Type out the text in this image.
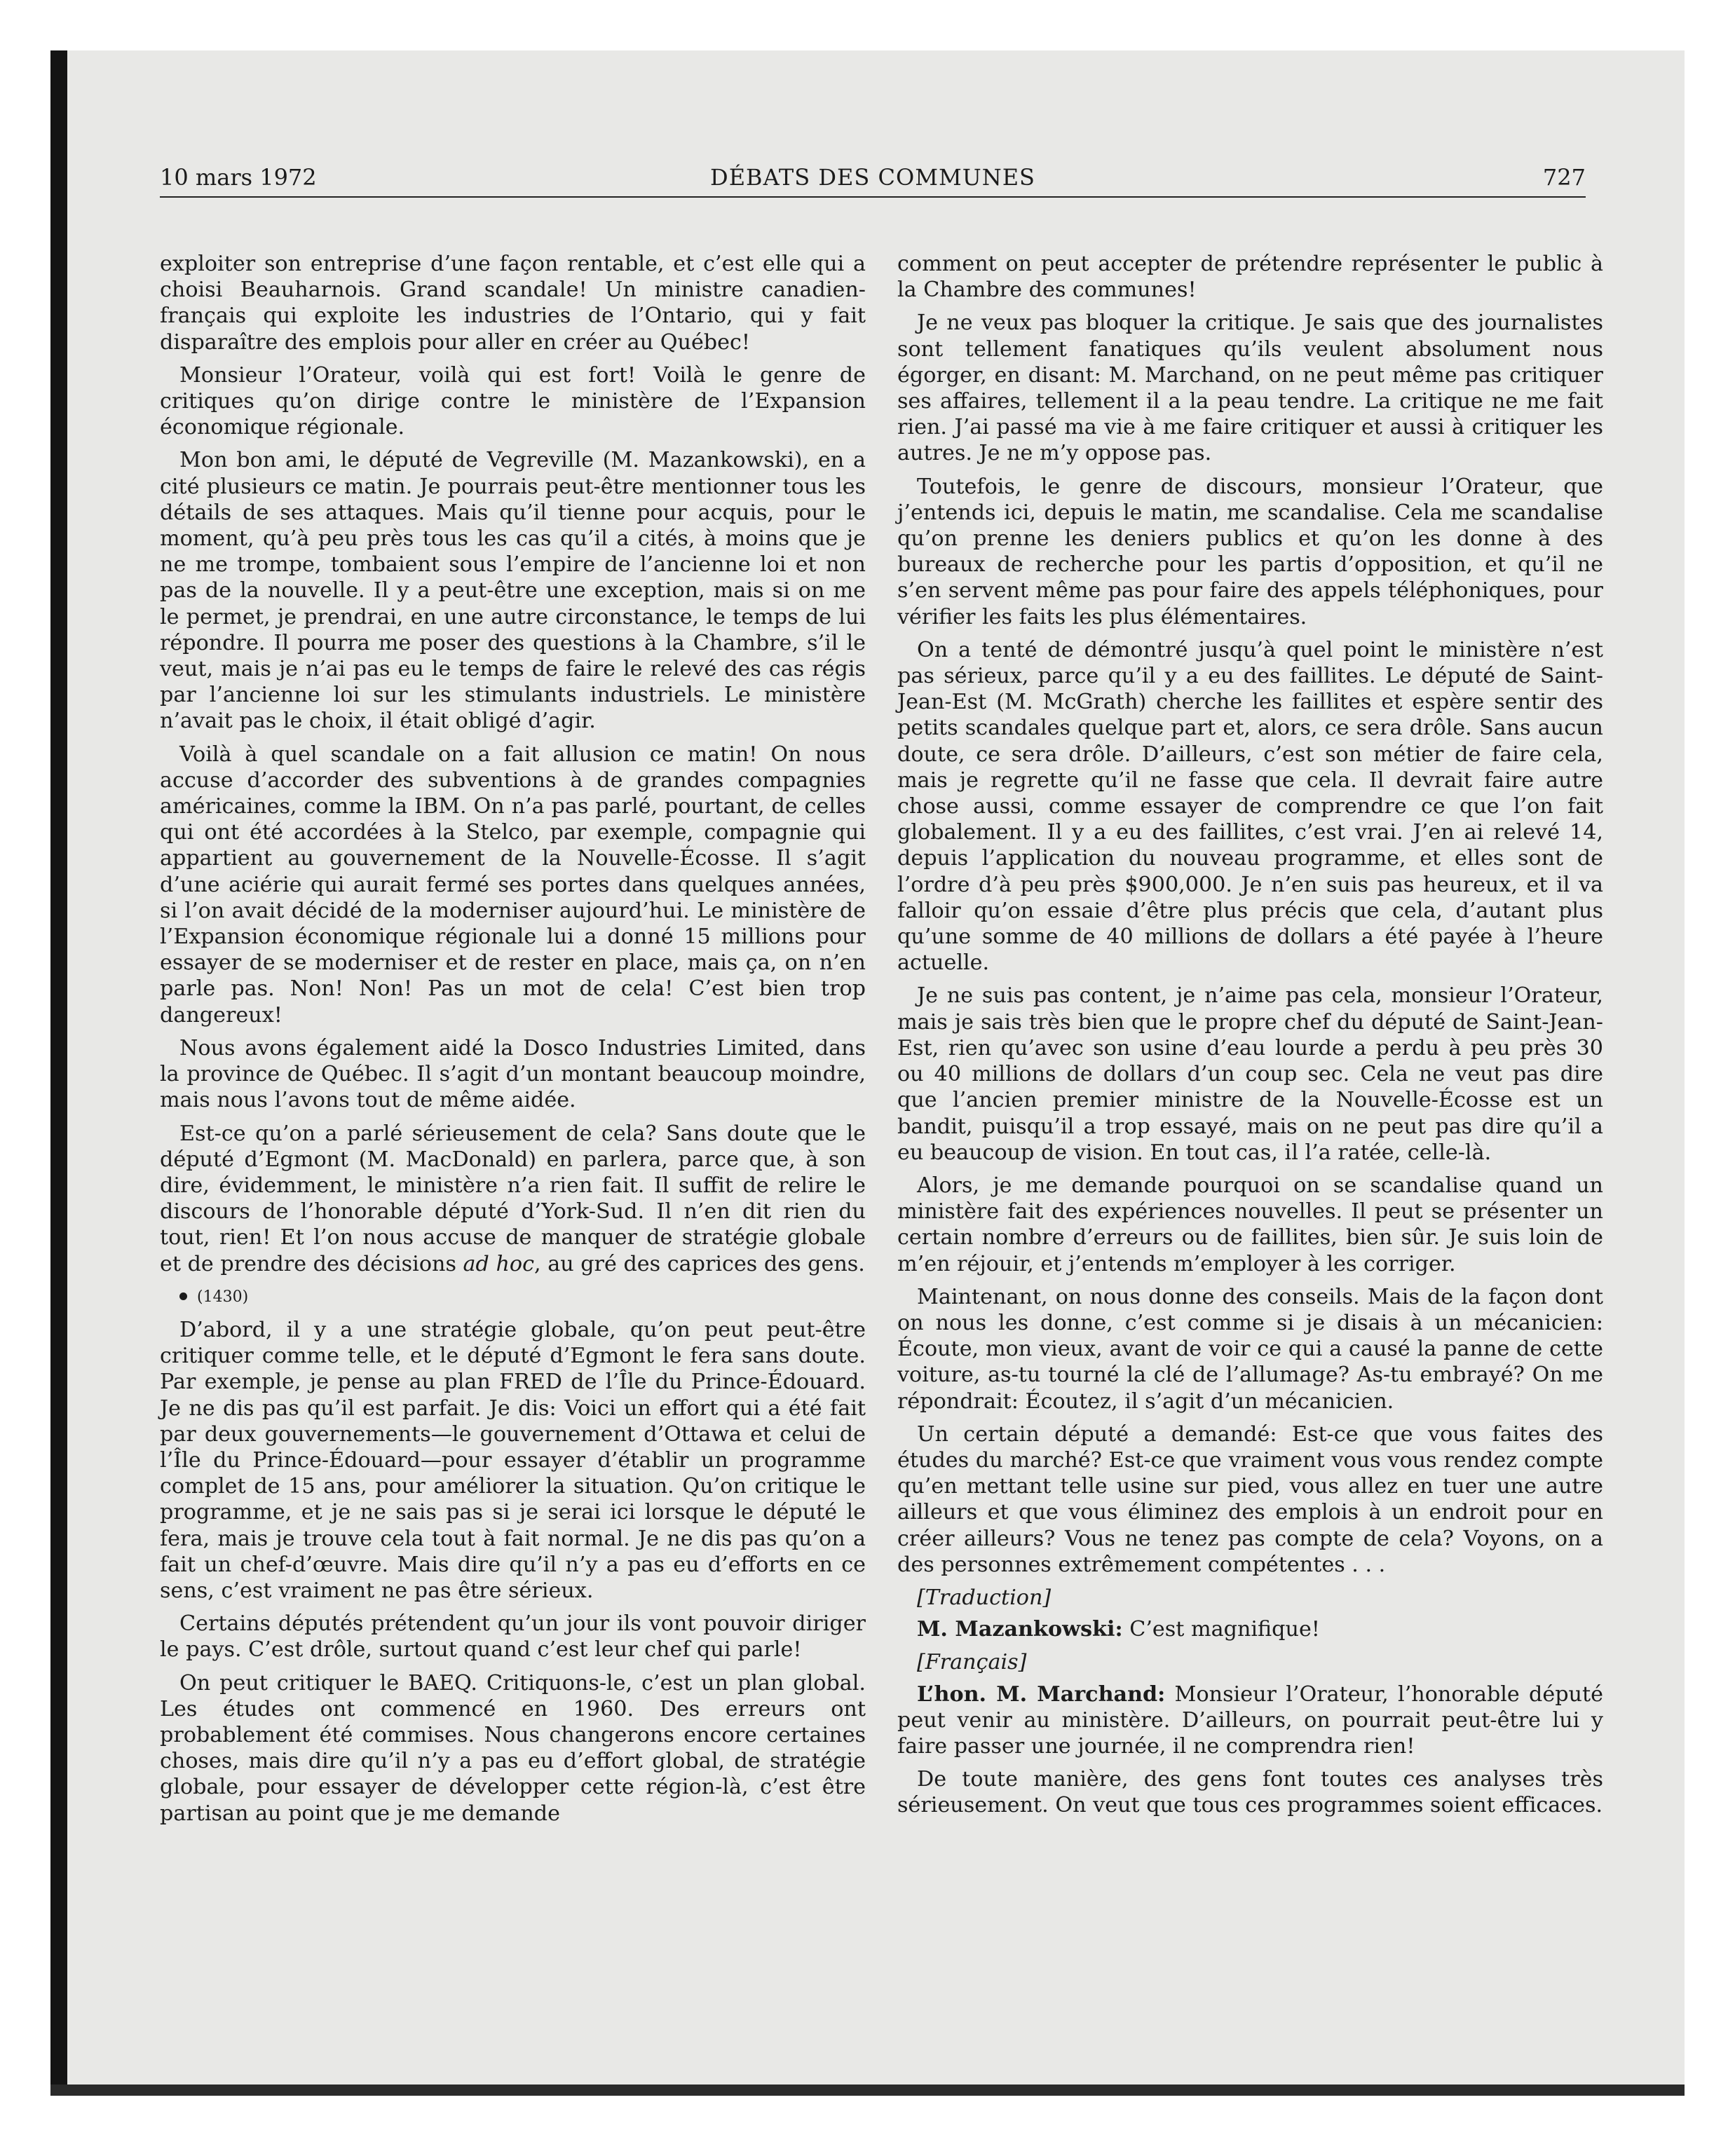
10 mars 1972	DÉBATS DES COMMUNES	727

exploiter son entreprise d’une façon rentable, et c’est elle qui a choisi Beauharnois. Grand scandale! Un ministre canadien-français qui exploite les industries de l’Ontario, qui y fait disparaître des emplois pour aller en créer au Québec!

Monsieur l’Orateur, voilà qui est fort! Voilà le genre de critiques qu’on dirige contre le ministère de l’Expansion économique régionale.

Mon bon ami, le député de Vegreville (M. Mazankowski), en a cité plusieurs ce matin. Je pourrais peut-être mentionner tous les détails de ses attaques. Mais qu’il tienne pour acquis, pour le moment, qu’à peu près tous les cas qu’il a cités, à moins que je ne me trompe, tombaient sous l’empire de l’ancienne loi et non pas de la nouvelle. Il y a peut-être une exception, mais si on me le permet, je prendrai, en une autre circonstance, le temps de lui répondre. Il pourra me poser des questions à la Chambre, s’il le veut, mais je n’ai pas eu le temps de faire le relevé des cas régis par l’ancienne loi sur les stimulants industriels. Le ministère n’avait pas le choix, il était obligé d’agir.

Voilà à quel scandale on a fait allusion ce matin! On nous accuse d’accorder des subventions à de grandes compagnies américaines, comme la IBM. On n’a pas parlé, pourtant, de celles qui ont été accordées à la Stelco, par exemple, compagnie qui appartient au gouvernement de la Nouvelle-Écosse. Il s’agit d’une aciérie qui aurait fermé ses portes dans quelques années, si l’on avait décidé de la moderniser aujourd’hui. Le ministère de l’Expansion économique régionale lui a donné 15 millions pour essayer de se moderniser et de rester en place, mais ça, on n’en parle pas. Non! Non! Pas un mot de cela! C’est bien trop dangereux!

Nous avons également aidé la Dosco Industries Limited, dans la province de Québec. Il s’agit d’un montant beaucoup moindre, mais nous l’avons tout de même aidée.

Est-ce qu’on a parlé sérieusement de cela? Sans doute que le député d’Egmont (M. MacDonald) en parlera, parce que, à son dire, évidemment, le ministère n’a rien fait. Il suffit de relire le discours de l’honorable député d’York-Sud. Il n’en dit rien du tout, rien! Et l’on nous accuse de manquer de stratégie globale et de prendre des décisions ad hoc, au gré des caprices des gens.

(1430)

D’abord, il y a une stratégie globale, qu’on peut peut-être critiquer comme telle, et le député d’Egmont le fera sans doute. Par exemple, je pense au plan FRED de l’Île du Prince-Édouard. Je ne dis pas qu’il est parfait. Je dis: Voici un effort qui a été fait par deux gouvernements—le gouvernement d’Ottawa et celui de l’Île du Prince-Édouard—pour essayer d’établir un programme complet de 15 ans, pour améliorer la situation. Qu’on critique le programme, et je ne sais pas si je serai ici lorsque le député le fera, mais je trouve cela tout à fait normal. Je ne dis pas qu’on a fait un chef-d’œuvre. Mais dire qu’il n’y a pas eu d’efforts en ce sens, c’est vraiment ne pas être sérieux.

Certains députés prétendent qu’un jour ils vont pouvoir diriger le pays. C’est drôle, surtout quand c’est leur chef qui parle!

On peut critiquer le BAEQ. Critiquons-le, c’est un plan global. Les études ont commencé en 1960. Des erreurs ont probablement été commises. Nous changerons encore certaines choses, mais dire qu’il n’y a pas eu d’effort global, de stratégie globale, pour essayer de développer cette région-là, c’est être partisan au point que je me demande

comment on peut accepter de prétendre représenter le public à la Chambre des communes!

Je ne veux pas bloquer la critique. Je sais que des journalistes sont tellement fanatiques qu’ils veulent absolument nous égorger, en disant: M. Marchand, on ne peut même pas critiquer ses affaires, tellement il a la peau tendre. La critique ne me fait rien. J’ai passé ma vie à me faire critiquer et aussi à critiquer les autres. Je ne m’y oppose pas.

Toutefois, le genre de discours, monsieur l’Orateur, que j’entends ici, depuis le matin, me scandalise. Cela me scandalise qu’on prenne les deniers publics et qu’on les donne à des bureaux de recherche pour les partis d’opposition, et qu’il ne s’en servent même pas pour faire des appels téléphoniques, pour vérifier les faits les plus élémentaires.

On a tenté de démontré jusqu’à quel point le ministère n’est pas sérieux, parce qu’il y a eu des faillites. Le député de Saint-Jean-Est (M. McGrath) cherche les faillites et espère sentir des petits scandales quelque part et, alors, ce sera drôle. Sans aucun doute, ce sera drôle. D’ailleurs, c’est son métier de faire cela, mais je regrette qu’il ne fasse que cela. Il devrait faire autre chose aussi, comme essayer de comprendre ce que l’on fait globalement. Il y a eu des faillites, c’est vrai. J’en ai relevé 14, depuis l’application du nouveau programme, et elles sont de l’ordre d’à peu près $900,000. Je n’en suis pas heureux, et il va falloir qu’on essaie d’être plus précis que cela, d’autant plus qu’une somme de 40 millions de dollars a été payée à l’heure actuelle.

Je ne suis pas content, je n’aime pas cela, monsieur l’Orateur, mais je sais très bien que le propre chef du député de Saint-Jean-Est, rien qu’avec son usine d’eau lourde a perdu à peu près 30 ou 40 millions de dollars d’un coup sec. Cela ne veut pas dire que l’ancien premier ministre de la Nouvelle-Écosse est un bandit, puisqu’il a trop essayé, mais on ne peut pas dire qu’il a eu beaucoup de vision. En tout cas, il l’a ratée, celle-là.

Alors, je me demande pourquoi on se scandalise quand un ministère fait des expériences nouvelles. Il peut se présenter un certain nombre d’erreurs ou de faillites, bien sûr. Je suis loin de m’en réjouir, et j’entends m’employer à les corriger.

Maintenant, on nous donne des conseils. Mais de la façon dont on nous les donne, c’est comme si je disais à un mécanicien: Écoute, mon vieux, avant de voir ce qui a causé la panne de cette voiture, as-tu tourné la clé de l’allumage? As-tu embrayé? On me répondrait: Écoutez, il s’agit d’un mécanicien.

Un certain député a demandé: Est-ce que vous faites des études du marché? Est-ce que vraiment vous vous rendez compte qu’en mettant telle usine sur pied, vous allez en tuer une autre ailleurs et que vous éliminez des emplois à un endroit pour en créer ailleurs? Vous ne tenez pas compte de cela? Voyons, on a des personnes extrêmement compétentes . . .

[Traduction]

M. Mazankowski: C’est magnifique!

[Français]

L’hon. M. Marchand: Monsieur l’Orateur, l’honorable député peut venir au ministère. D’ailleurs, on pourrait peut-être lui y faire passer une journée, il ne comprendra rien!

De toute manière, des gens font toutes ces analyses très sérieusement. On veut que tous ces programmes soient efficaces.
